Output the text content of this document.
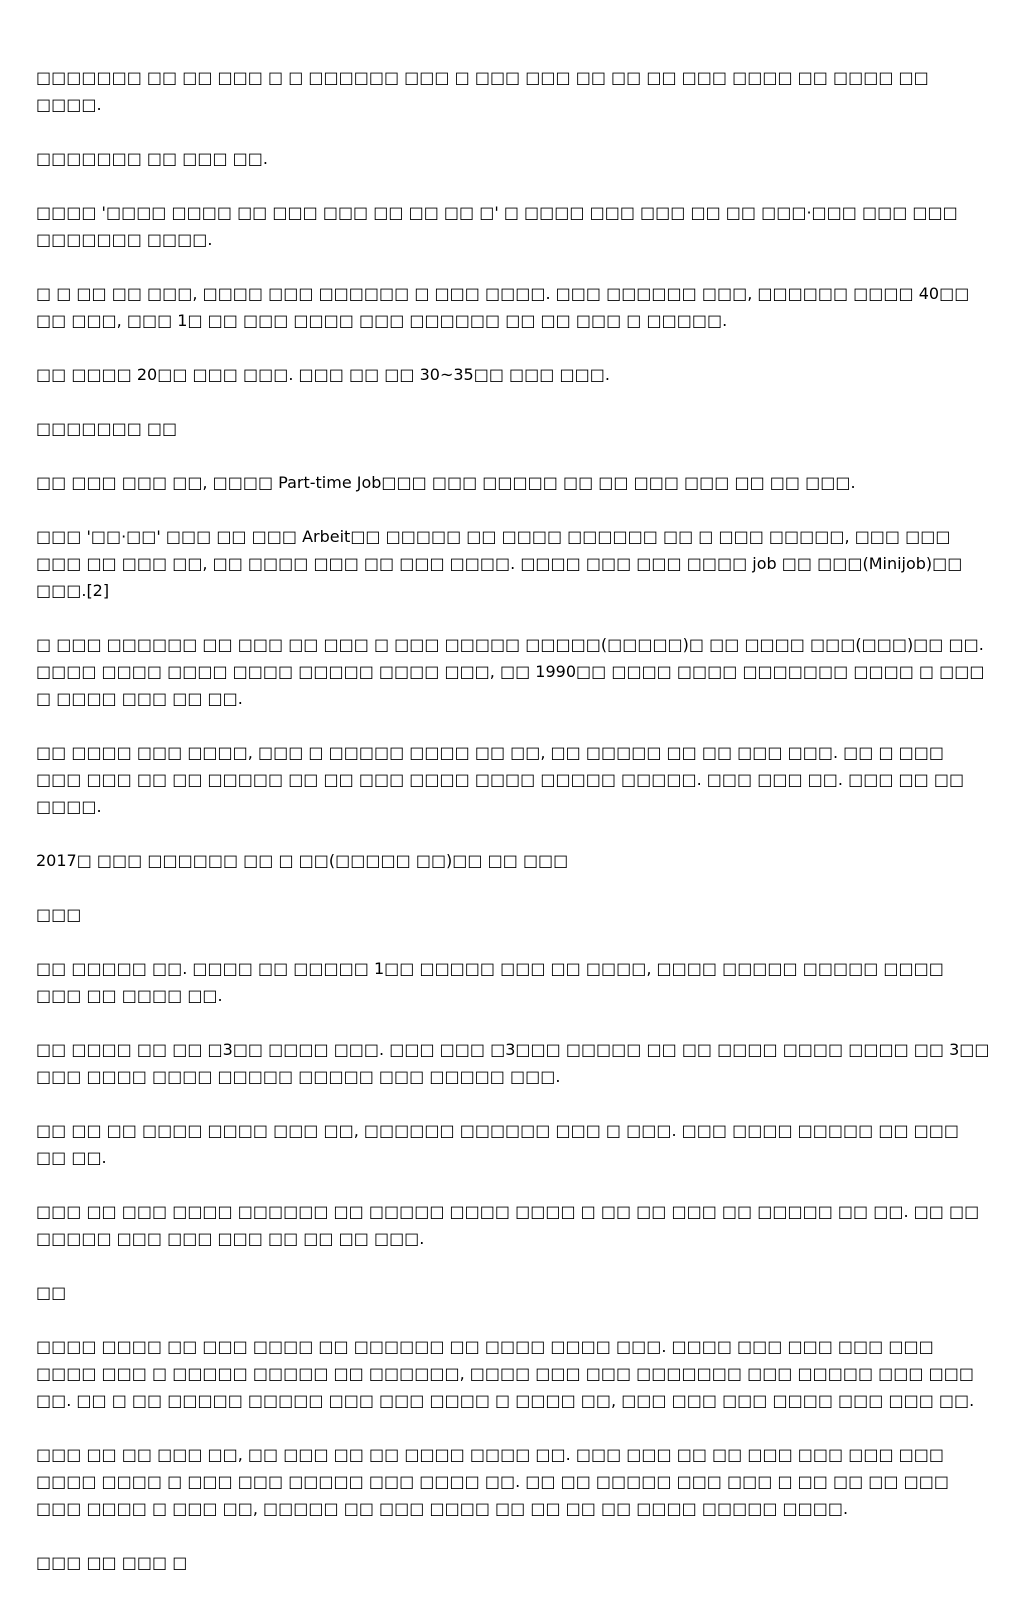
□□□□□□□ □□ □□ □□□ □ □ □□□□□□ □□□ □ □□□ □□□ □□ □□ □□ □□□ □□□□ □□ □□□□ □□ □□□□.

□□□□□□□ □□ □□□ □□.

□□□□ '□□□□ □□□□ □□ □□□ □□□ □□ □□ □□ □' □ □□□□ □□□ □□□ □□ □□ □□□·□□□ □□□ □□□ □□□□□□□ □□□□.

□ □ □□ □□ □□□, □□□□ □□□ □□□□□□ □ □□□ □□□□. □□□ □□□□□□ □□□, □□□□□□ □□□□ 40□□ □□ □□□, □□□ 1□ □□ □□□ □□□□ □□□ □□□□□□ □□ □□ □□□ □ □□□□□.

□□ □□□□ 20□□ □□□ □□□. □□□ □□ □□ 30~35□□ □□□ □□□.

□□□□□□□ □□

□□ □□□ □□□ □□, □□□□ Part-time Job□□□ □□□ □□□□□ □□ □□ □□□ □□□ □□ □□ □□□.

□□□ '□□·□□' □□□ □□ □□□ Arbeit□□ □□□□□ □□ □□□□ □□□□□□ □□ □ □□□ □□□□□, □□□ □□□ □□□ □□ □□□ □□, □□ □□□□ □□□ □□ □□□ □□□□. □□□□ □□□ □□□ □□□□ job □□ □□□(Minijob)□□ □□□.[2]

□ □□□ □□□□□□ □□ □□□ □□ □□□ □ □□□ □□□□□ □□□□□(□□□□□)□ □□ □□□□ □□□(□□□)□□ □□. □□□□ □□□□ □□□□ □□□□ □□□□□ □□□□ □□□, □□ 1990□□ □□□□ □□□□ □□□□□□□ □□□□ □ □□□ □ □□□□ □□□ □□ □□.

□□ □□□□ □□□ □□□□, □□□ □ □□□□□ □□□□ □□ □□, □□ □□□□□ □□ □□ □□□ □□□. □□ □ □□□ □□□ □□□ □□ □□ □□□□□ □□ □□ □□□ □□□□ □□□□ □□□□□ □□□□□. □□□ □□□ □□. □□□ □□ □□ □□□□.

2017□ □□□ □□□□□□ □□ □ □□(□□□□□ □□)□□ □□ □□□

□□□

□□ □□□□□ □□. □□□□ □□ □□□□□ 1□□ □□□□□ □□□ □□ □□□□, □□□□ □□□□□ □□□□□ □□□□ □□□ □□ □□□□ □□.

□□ □□□□ □□ □□ □3□□ □□□□ □□□. □□□ □□□ □3□□□ □□□□□ □□ □□ □□□□ □□□□ □□□□ □□ 3□□ □□□ □□□□ □□□□ □□□□□ □□□□□ □□□ □□□□□ □□□.

□□ □□ □□ □□□□ □□□□ □□□ □□, □□□□□□ □□□□□□ □□□ □ □□□. □□□ □□□□ □□□□□ □□ □□□ □□ □□.

□□□ □□ □□□ □□□□ □□□□□□ □□ □□□□□ □□□□ □□□□ □ □□ □□ □□□ □□ □□□□□ □□ □□. □□ □□ □□□□□ □□□ □□□ □□□ □□ □□ □□ □□□.

□□

□□□□ □□□□ □□ □□□ □□□□ □□ □□□□□□ □□ □□□□ □□□□ □□□. □□□□ □□□ □□□ □□□ □□□ □□□□ □□□ □ □□□□□ □□□□□ □□ □□□□□□, □□□□ □□□ □□□ □□□□□□□ □□□ □□□□□ □□□ □□□ □□. □□ □ □□ □□□□□ □□□□□ □□□ □□□ □□□□ □ □□□□ □□, □□□ □□□ □□□ □□□□ □□□ □□□ □□.

□□□ □□ □□ □□□ □□, □□ □□□ □□ □□ □□□□ □□□□ □□. □□□ □□□ □□ □□ □□□ □□□ □□□ □□□ □□□□ □□□□ □ □□□ □□□ □□□□□ □□□ □□□□ □□. □□ □□ □□□□□ □□□ □□□ □ □□ □□ □□ □□□ □□□ □□□□ □ □□□ □□, □□□□□ □□ □□□ □□□□ □□ □□ □□ □□ □□□□ □□□□□ □□□□.

□□□ □□ □□□ □
